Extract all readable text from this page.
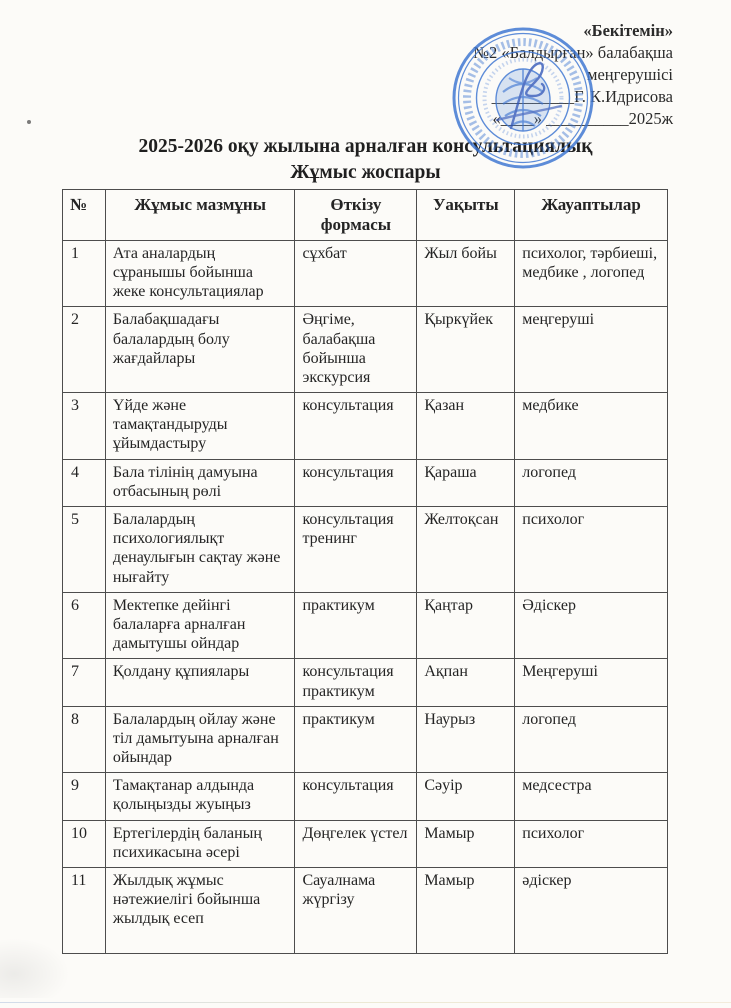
«Бекітемін»
№2 «Балдырған» балабақша
меңгерушісі
__________Г. К.Идрисова
«____» __________2025ж
2025-2026 оқу жылына арналған консультациялық
Жұмыс жоспары
№	Жұмыс мазмұны	Өткізу формасы	Уақыты	Жауаптылар
1	Ата аналардың сұранышы бойынша жеке консультациялар	сұхбат	Жыл бойы	психолог, тәрбиеші, медбике , логопед
2	Балабақшадағы балалардың болу жағдайлары	Әңгіме, балабақша бойынша экскурсия	Қыркүйек	меңгеруші
3	Үйде және тамақтандыруды ұйымдастыру	консультация	Қазан	медбике
4	Бала тілінің дамуына отбасының рөлі	консультация	Қараша	логопед
5	Балалардың психологиялықт денаулығын сақтау және нығайту	консультация тренинг	Желтоқсан	психолог
6	Мектепке дейінгі балаларға арналған дамытушы ойндар	практикум	Қаңтар	Әдіскер
7	Қолдану құпиялары	консультация практикум	Ақпан	Меңгеруші
8	Балалардың ойлау және тіл дамытуына арналған ойындар	практикум	Наурыз	логопед
9	Тамақтанар алдында қолыңызды жуыңыз	консультация	Сәуір	медсестра
10	Ертегілердің баланың психикасына әсері	Дөңгелек үстел	Мамыр	психолог
11	Жылдық жұмыс нәтежиелігі бойынша жылдық есеп	Сауалнама жүргізу	Мамыр	әдіскер
